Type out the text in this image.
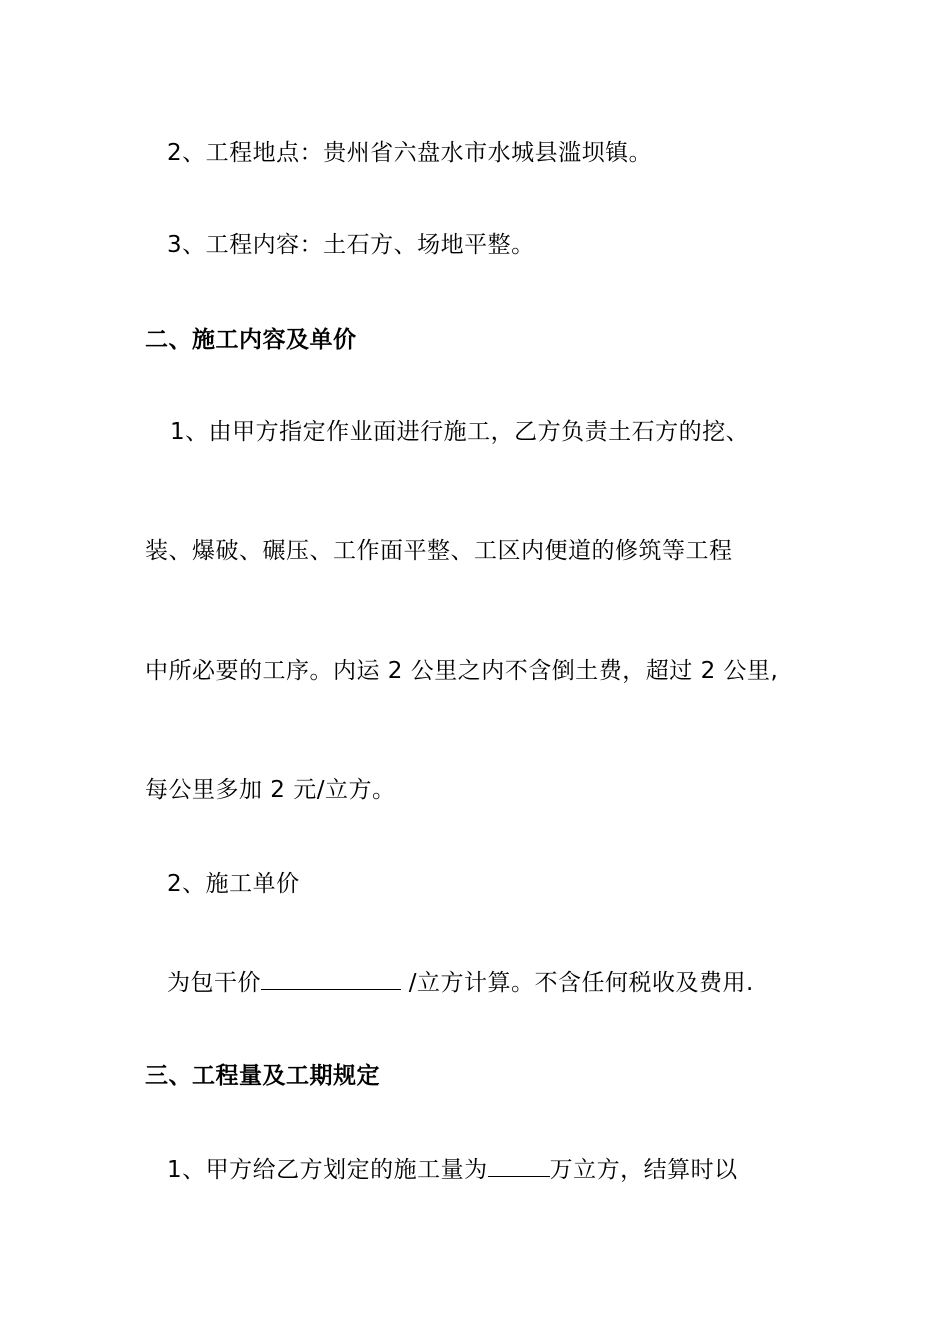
2、工程地点：贵州省六盘水市水城县滥坝镇。
3、工程内容：土石方、场地平整。
二、施工内容及单价
1、由甲方指定作业面进行施工，乙方负责土石方的挖、
装、爆破、碾压、工作面平整、工区内便道的修筑等工程
中所必要的工序。内运 2 公里之内不含倒土费，超过 2 公里,
每公里多加 2 元/立方。
2、施工单价
为包干价	/立方计算。不含任何税收及费用.
三、工程量及工期规定
1、甲方给乙方划定的施工量为	万立方，结算时以
